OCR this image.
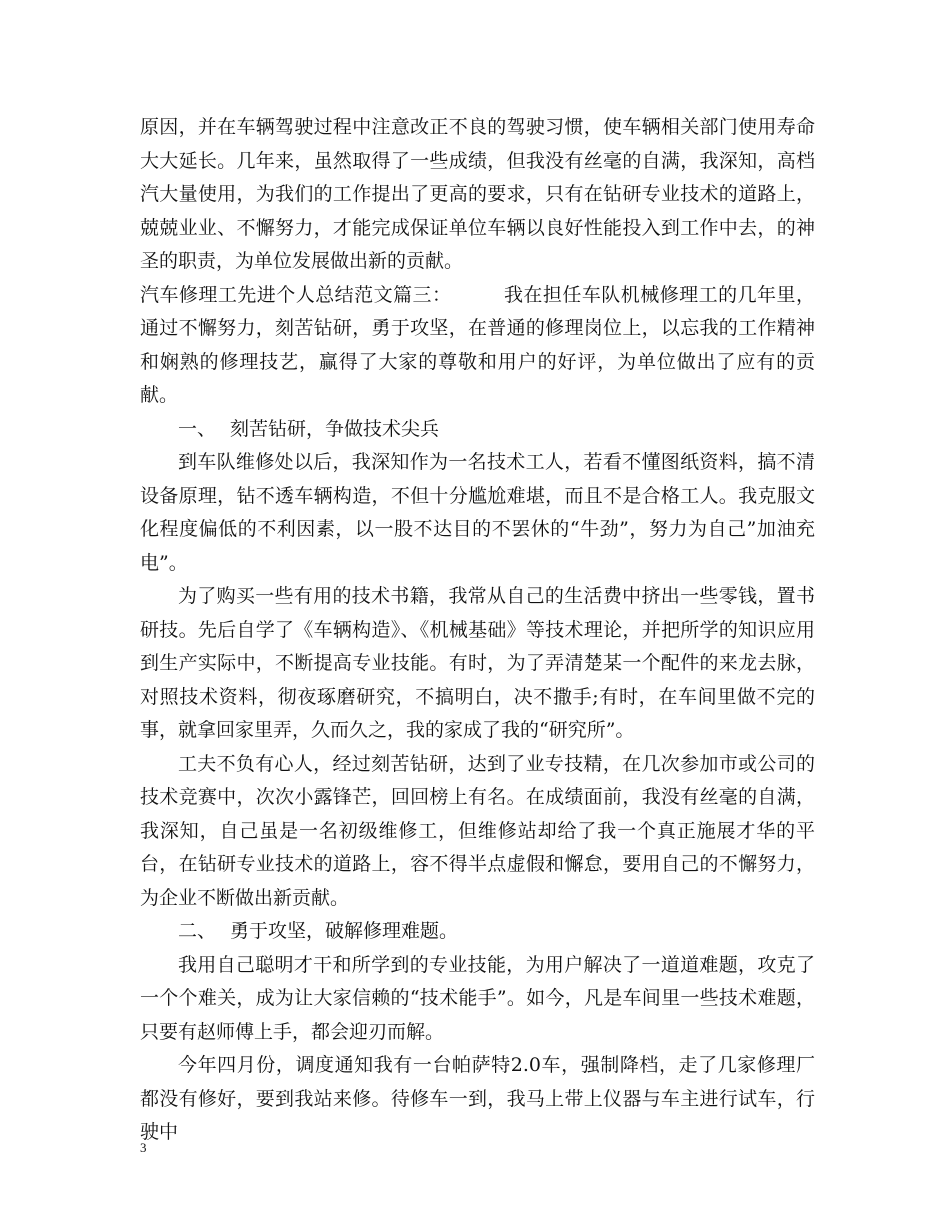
原因，并在车辆驾驶过程中注意改正不良的驾驶习惯，使车辆相关部门使用寿命大大延长。几年来，虽然取得了一些成绩，但我没有丝毫的自满，我深知，高档汽大量使用，为我们的工作提出了更高的要求，只有在钻研专业技术的道路上，兢兢业业、不懈努力，才能完成保证单位车辆以良好性能投入到工作中去，的神圣的职责，为单位发展做出新的贡献。

汽车修理工先进个人总结范文篇三：	我在担任车队机械修理工的几年里，通过不懈努力，刻苦钻研，勇于攻坚，在普通的修理岗位上，以忘我的工作精神和娴熟的修理技艺，赢得了大家的尊敬和用户的好评，为单位做出了应有的贡献。

一、 刻苦钻研，争做技术尖兵

到车队维修处以后，我深知作为一名技术工人，若看不懂图纸资料，搞不清设备原理，钻不透车辆构造，不但十分尴尬难堪，而且不是合格工人。我克服文化程度偏低的不利因素，以一股不达目的不罢休的“牛劲”，努力为自己”加油充电”。

为了购买一些有用的技术书籍，我常从自己的生活费中挤出一些零钱，置书研技。先后自学了《车辆构造》、《机械基础》等技术理论，并把所学的知识应用到生产实际中，不断提高专业技能。有时，为了弄清楚某一个配件的来龙去脉，对照技术资料，彻夜琢磨研究，不搞明白，决不撒手;有时，在车间里做不完的事，就拿回家里弄，久而久之，我的家成了我的“研究所”。

工夫不负有心人，经过刻苦钻研，达到了业专技精，在几次参加市或公司的技术竞赛中，次次小露锋芒，回回榜上有名。在成绩面前，我没有丝毫的自满，我深知，自己虽是一名初级维修工，但维修站却给了我一个真正施展才华的平台，在钻研专业技术的道路上，容不得半点虚假和懈怠，要用自己的不懈努力，为企业不断做出新贡献。

二、 勇于攻坚，破解修理难题。

我用自己聪明才干和所学到的专业技能，为用户解决了一道道难题，攻克了一个个难关，成为让大家信赖的“技术能手”。如今，凡是车间里一些技术难题，只要有赵师傅上手，都会迎刃而解。

今年四月份，调度通知我有一台帕萨特2.0车，强制降档，走了几家修理厂都没有修好，要到我站来修。待修车一到，我马上带上仪器与车主进行试车，行驶中

3
